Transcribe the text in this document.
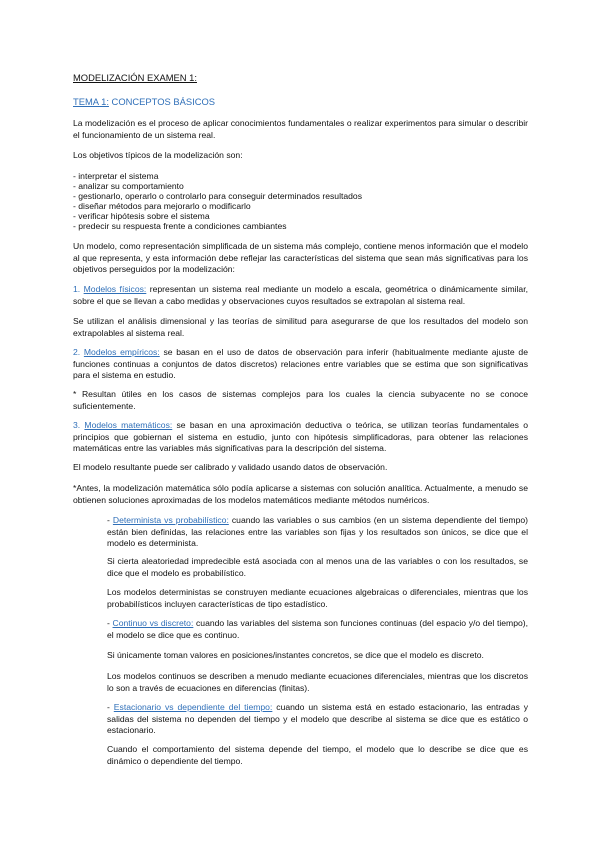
MODELIZACIÓN EXAMEN 1:

TEMA 1: CONCEPTOS BÁSICOS

La modelización es el proceso de aplicar conocimientos fundamentales o realizar experimentos para simular o describir el funcionamiento de un sistema real.

Los objetivos típicos de la modelización son:

- interpretar el sistema
- analizar su comportamiento
- gestionarlo, operarlo o controlarlo para conseguir determinados resultados
- diseñar métodos para mejorarlo o modificarlo
- verificar hipótesis sobre el sistema
- predecir su respuesta frente a condiciones cambiantes

Un modelo, como representación simplificada de un sistema más complejo, contiene menos información que el modelo al que representa, y esta información debe reflejar las características del sistema que sean más significativas para los objetivos perseguidos por la modelización:

1. Modelos físicos: representan un sistema real mediante un modelo a escala, geométrica o dinámicamente similar, sobre el que se llevan a cabo medidas y observaciones cuyos resultados se extrapolan al sistema real.

Se utilizan el análisis dimensional y las teorías de similitud para asegurarse de que los resultados del modelo son extrapolables al sistema real.

2. Modelos empíricos: se basan en el uso de datos de observación para inferir (habitualmente mediante ajuste de funciones continuas a conjuntos de datos discretos) relaciones entre variables que se estima que son significativas para el sistema en estudio.

* Resultan útiles en los casos de sistemas complejos para los cuales la ciencia subyacente no se conoce suficientemente.

3. Modelos matemáticos: se basan en una aproximación deductiva o teórica, se utilizan teorías fundamentales o principios que gobiernan el sistema en estudio, junto con hipótesis simplificadoras, para obtener las relaciones matemáticas entre las variables más significativas para la descripción del sistema.

El modelo resultante puede ser calibrado y validado usando datos de observación.

*Antes, la modelización matemática sólo podía aplicarse a sistemas con solución analítica. Actualmente, a menudo se obtienen soluciones aproximadas de los modelos matemáticos mediante métodos numéricos.

- Determinista vs probabilístico: cuando las variables o sus cambios (en un sistema dependiente del tiempo) están bien definidas, las relaciones entre las variables son fijas y los resultados son únicos, se dice que el modelo es determinista.

Si cierta aleatoriedad impredecible está asociada con al menos una de las variables o con los resultados, se dice que el modelo es probabilístico.

Los modelos deterministas se construyen mediante ecuaciones algebraicas o diferenciales, mientras que los probabilísticos incluyen características de tipo estadístico.

- Continuo vs discreto: cuando las variables del sistema son funciones continuas (del espacio y/o del tiempo), el modelo se dice que es continuo.

Si únicamente toman valores en posiciones/instantes concretos, se dice que el modelo es discreto.

Los modelos continuos se describen a menudo mediante ecuaciones diferenciales, mientras que los discretos lo son a través de ecuaciones en diferencias (finitas).

- Estacionario vs dependiente del tiempo: cuando un sistema está en estado estacionario, las entradas y salidas del sistema no dependen del tiempo y el modelo que describe al sistema se dice que es estático o estacionario.

Cuando el comportamiento del sistema depende del tiempo, el modelo que lo describe se dice que es dinámico o dependiente del tiempo.
